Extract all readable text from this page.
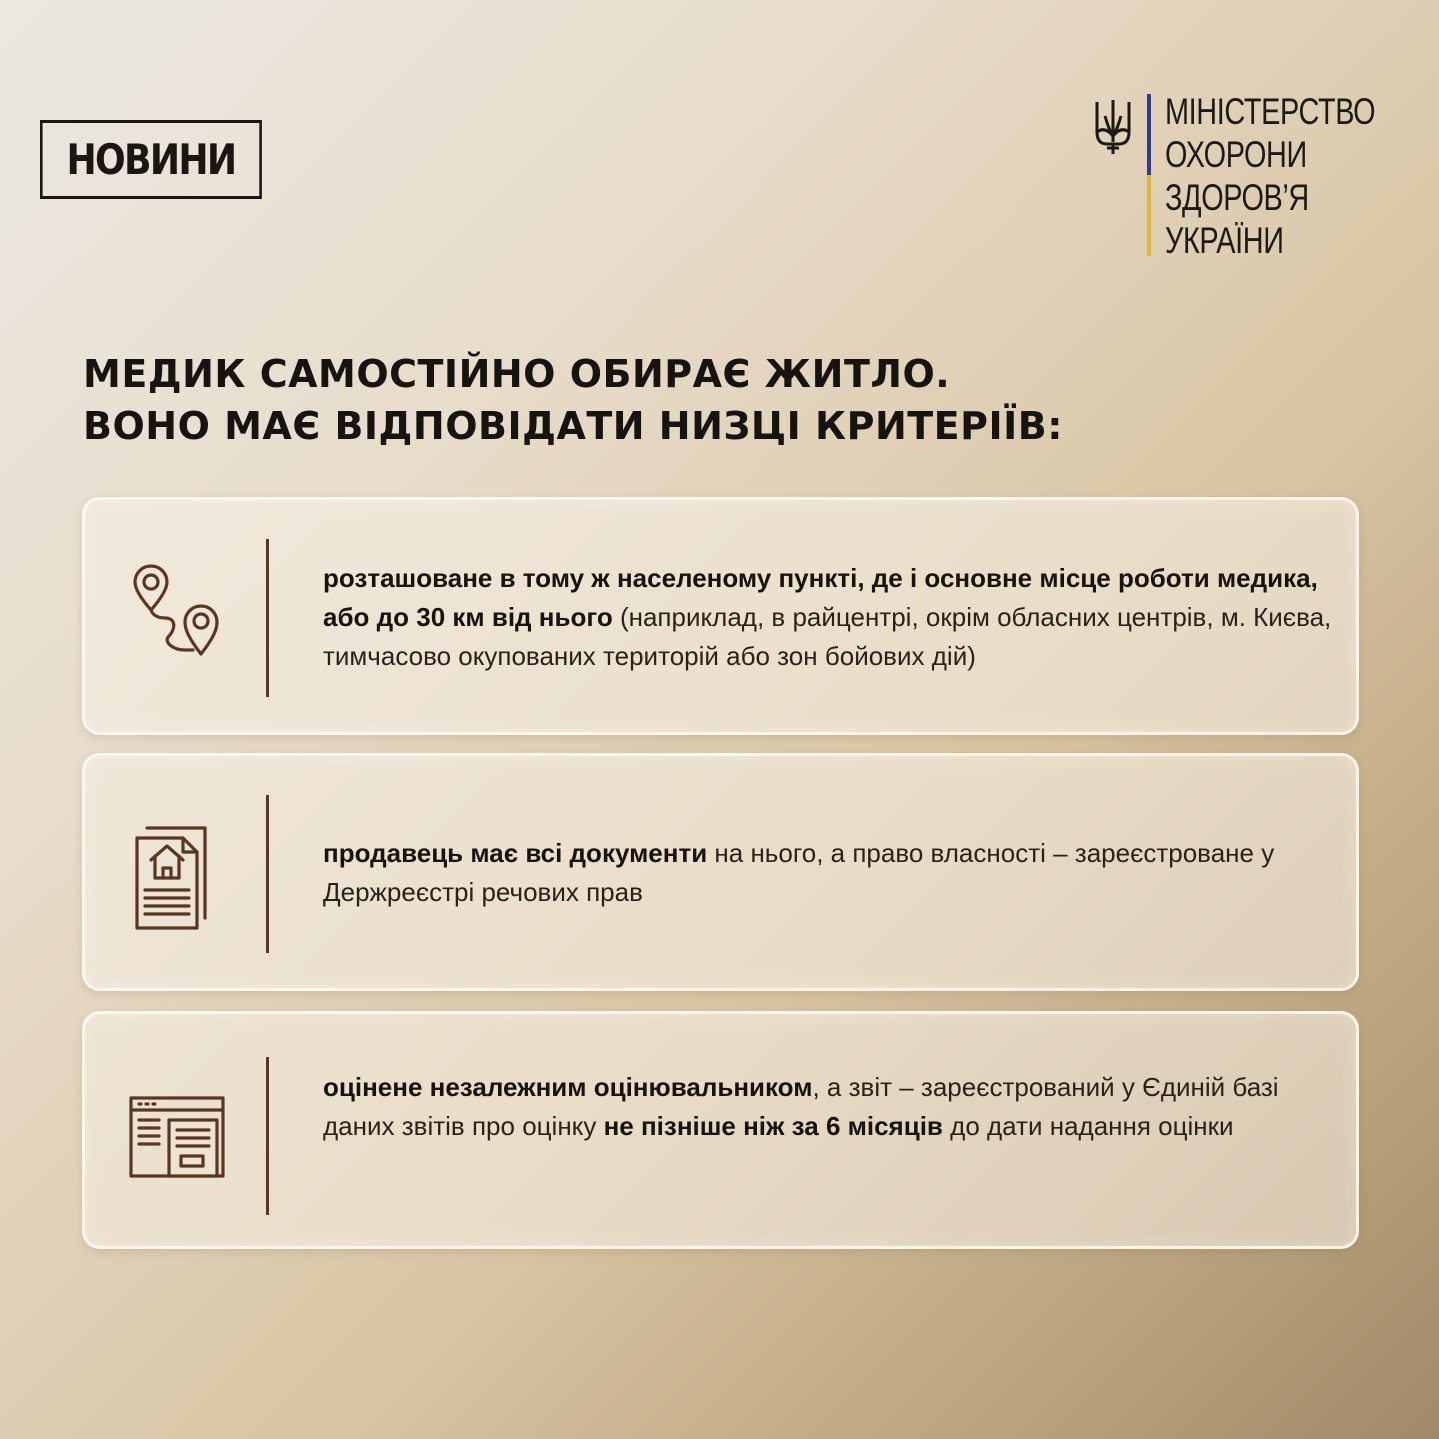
НОВИНИ
МІНІСТЕРСТВО
ОХОРОНИ
ЗДОРОВ’Я
УКРАЇНИ
МЕДИК САМОСТІЙНО ОБИРАЄ ЖИТЛО.
ВОНО МАЄ ВІДПОВІДАТИ НИЗЦІ КРИТЕРІЇВ:
розташоване в тому ж населеному пункті, де і основне місце роботи медика, або до 30 км від нього (наприклад, в райцентрі, окрім обласних центрів, м. Києва, тимчасово окупованих територій або зон бойових дій)
продавець має всі документи на нього, а право власності – зареєстроване у Держреєстрі речових прав
оцінене незалежним оцінювальником, а звіт – зареєстрований у Єдиній базі даних звітів про оцінку не пізніше ніж за 6 місяців до дати надання оцінки
